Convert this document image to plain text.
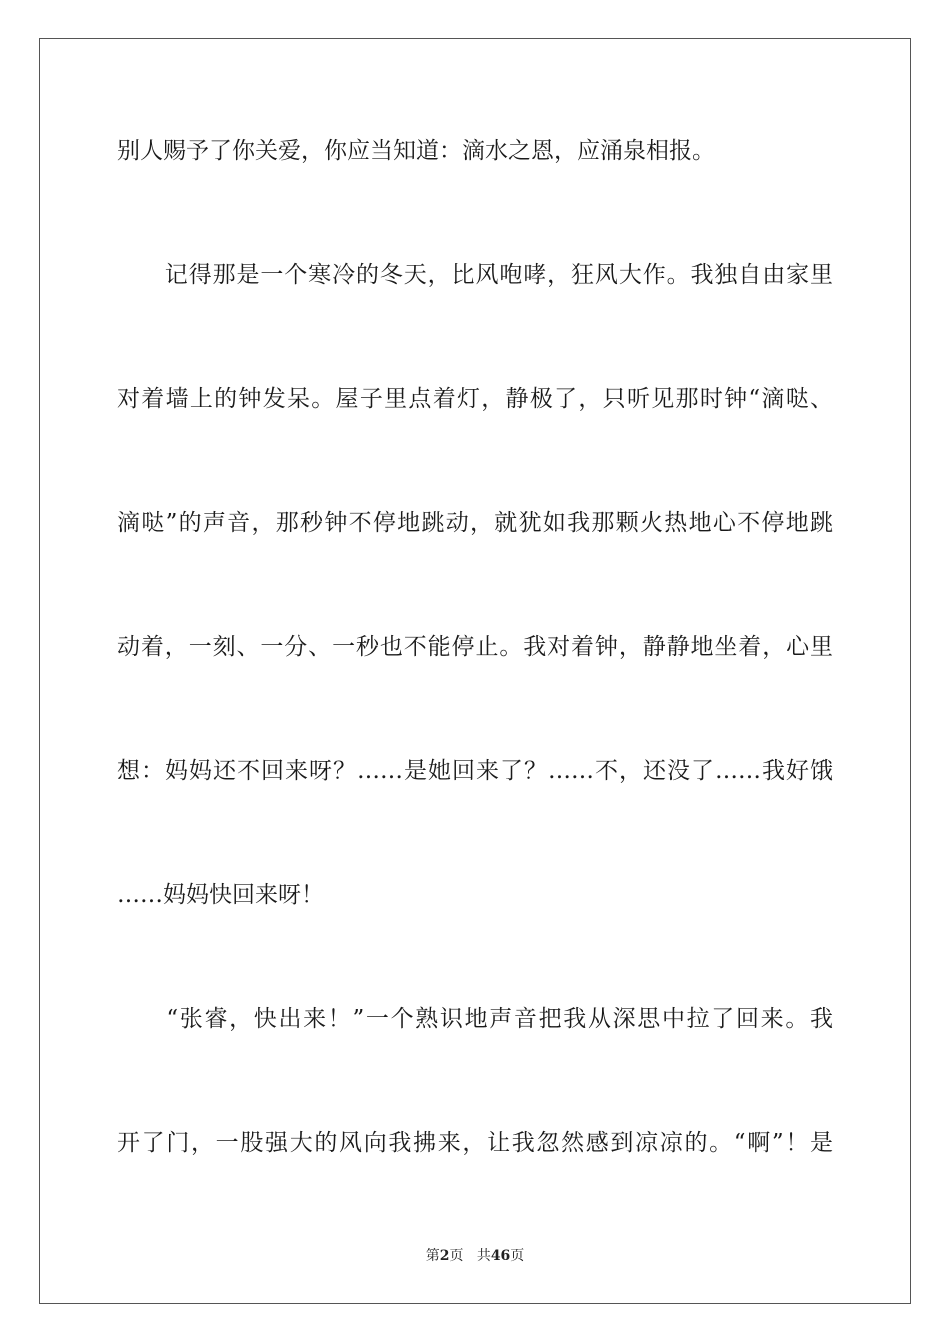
别人赐予了你关爱，你应当知道：滴水之恩，应涌泉相报。
　　记得那是一个寒冷的冬天，比风咆哮，狂风大作。我独自由家里
对着墙上的钟发呆。屋子里点着灯，静极了，只听见那时钟“滴哒、
滴哒”的声音，那秒钟不停地跳动，就犹如我那颗火热地心不停地跳
动着，一刻、一分、一秒也不能停止。我对着钟，静静地坐着，心里
想：妈妈还不回来呀？……是她回来了？……不，还没了……我好饿
……妈妈快回来呀！
　　“张睿，快出来！”一个熟识地声音把我从深思中拉了回来。我
开了门，一股强大的风向我拂来，让我忽然感到凉凉的。“啊”！是
第2页 共46页
